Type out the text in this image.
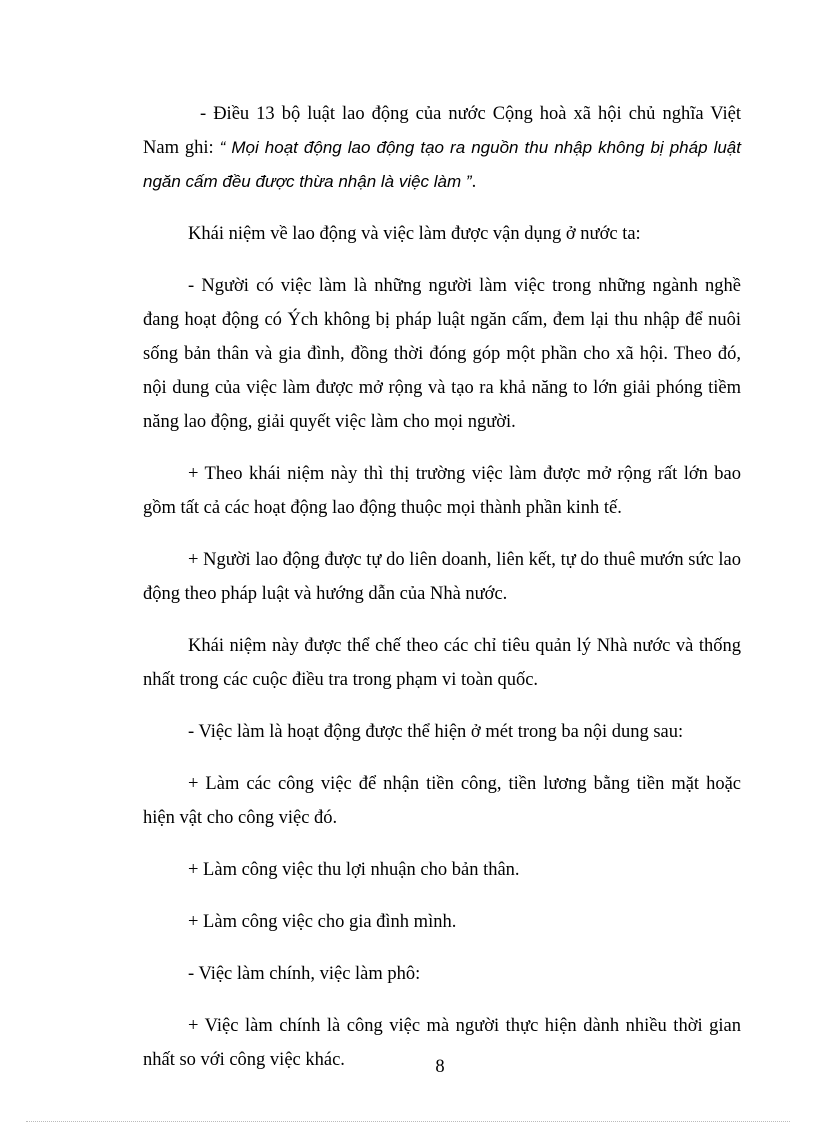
- Điều 13 bộ luật lao động của nước Cộng hoà xã hội chủ nghĩa Việt Nam ghi: “ Mọi hoạt động lao động tạo ra nguồn thu nhập không bị pháp luật ngăn cấm đều được thừa nhận là việc làm ”.

Khái niệm về lao động và việc làm được vận dụng ở nước ta:

- Người có việc làm là những người làm việc trong những ngành nghề đang hoạt động có Ých không bị pháp luật ngăn cấm, đem lại thu nhập để nuôi sống bản thân và gia đình, đồng thời đóng góp một phần cho xã hội. Theo đó, nội dung của việc làm được mở rộng và tạo ra khả năng to lớn giải phóng tiềm năng lao động, giải quyết việc làm cho mọi người.

+ Theo khái niệm này thì thị trường việc làm được mở rộng rất lớn bao gồm tất cả các hoạt động lao động thuộc mọi thành phần kinh tế.

+ Người lao động được tự do liên doanh, liên kết, tự do thuê mướn sức lao động theo pháp luật và hướng dẫn của Nhà nước.

Khái niệm này được thể chế theo các chỉ tiêu quản lý Nhà nước và thống nhất trong các cuộc điều tra trong phạm vi toàn quốc.

- Việc làm là hoạt động được thể hiện ở mét trong ba nội dung sau:

+ Làm các công việc để nhận tiền công, tiền lương bằng tiền mặt hoặc hiện vật cho công việc đó.

+ Làm công việc thu lợi nhuận cho bản thân.

+ Làm công việc cho gia đình mình.

- Việc làm chính, việc làm phô:

+ Việc làm chính là công việc mà người thực hiện dành nhiều thời gian nhất so với công việc khác.	8
